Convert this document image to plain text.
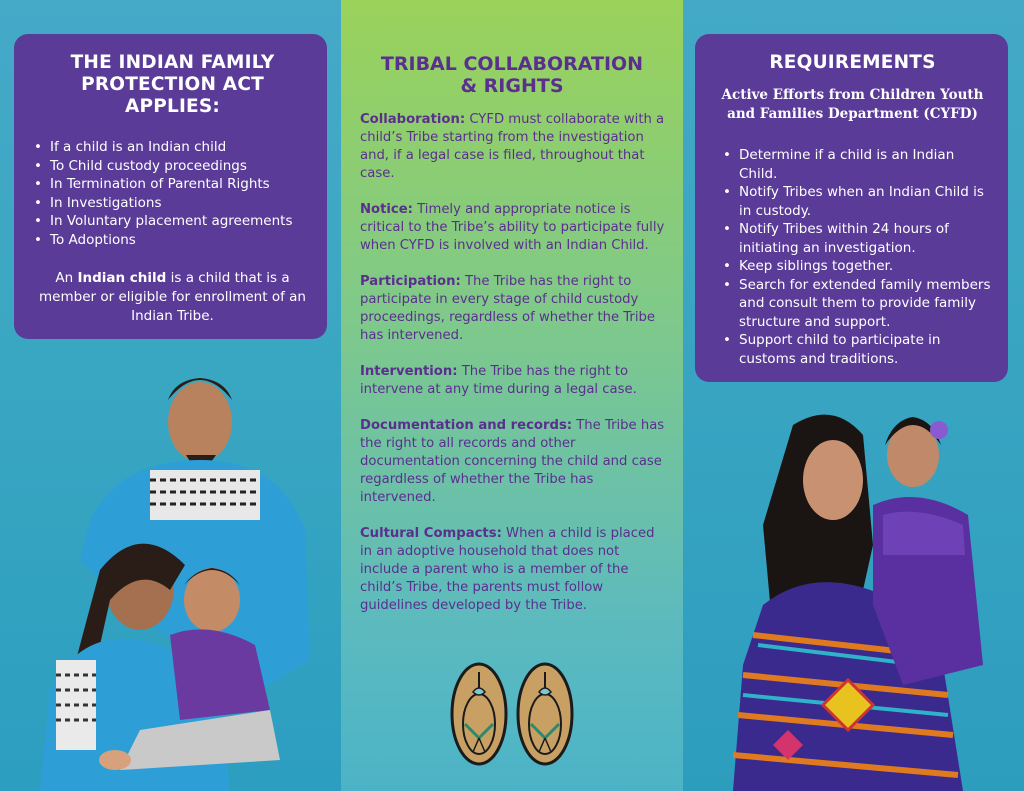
THE INDIAN FAMILY
PROTECTION ACT
APPLIES:
• If a child is an Indian child
• To Child custody proceedings
• In Termination of Parental Rights
• In Investigations
• In Voluntary placement agreements
• To Adoptions

An Indian child is a child that is a member or eligible for enrollment of an Indian Tribe.

TRIBAL COLLABORATION
& RIGHTS

Collaboration: CYFD must collaborate with a child’s Tribe starting from the investigation and, if a legal case is filed, throughout that case.

Notice: Timely and appropriate notice is critical to the Tribe’s ability to participate fully when CYFD is involved with an Indian Child.

Participation: The Tribe has the right to participate in every stage of child custody proceedings, regardless of whether the Tribe has intervened.

Intervention: The Tribe has the right to intervene at any time during a legal case.

Documentation and records: The Tribe has the right to all records and other documentation concerning the child and case regardless of whether the Tribe has intervened.

Cultural Compacts: When a child is placed in an adoptive household that does not include a parent who is a member of the child’s Tribe, the parents must follow guidelines developed by the Tribe.

REQUIREMENTS
Active Efforts from Children Youth and Families Department (CYFD)
• Determine if a child is an Indian Child.
• Notify Tribes when an Indian Child is in custody.
• Notify Tribes within 24 hours of initiating an investigation.
• Keep siblings together.
• Search for extended family members and consult them to provide family structure and support.
• Support child to participate in customs and traditions.
